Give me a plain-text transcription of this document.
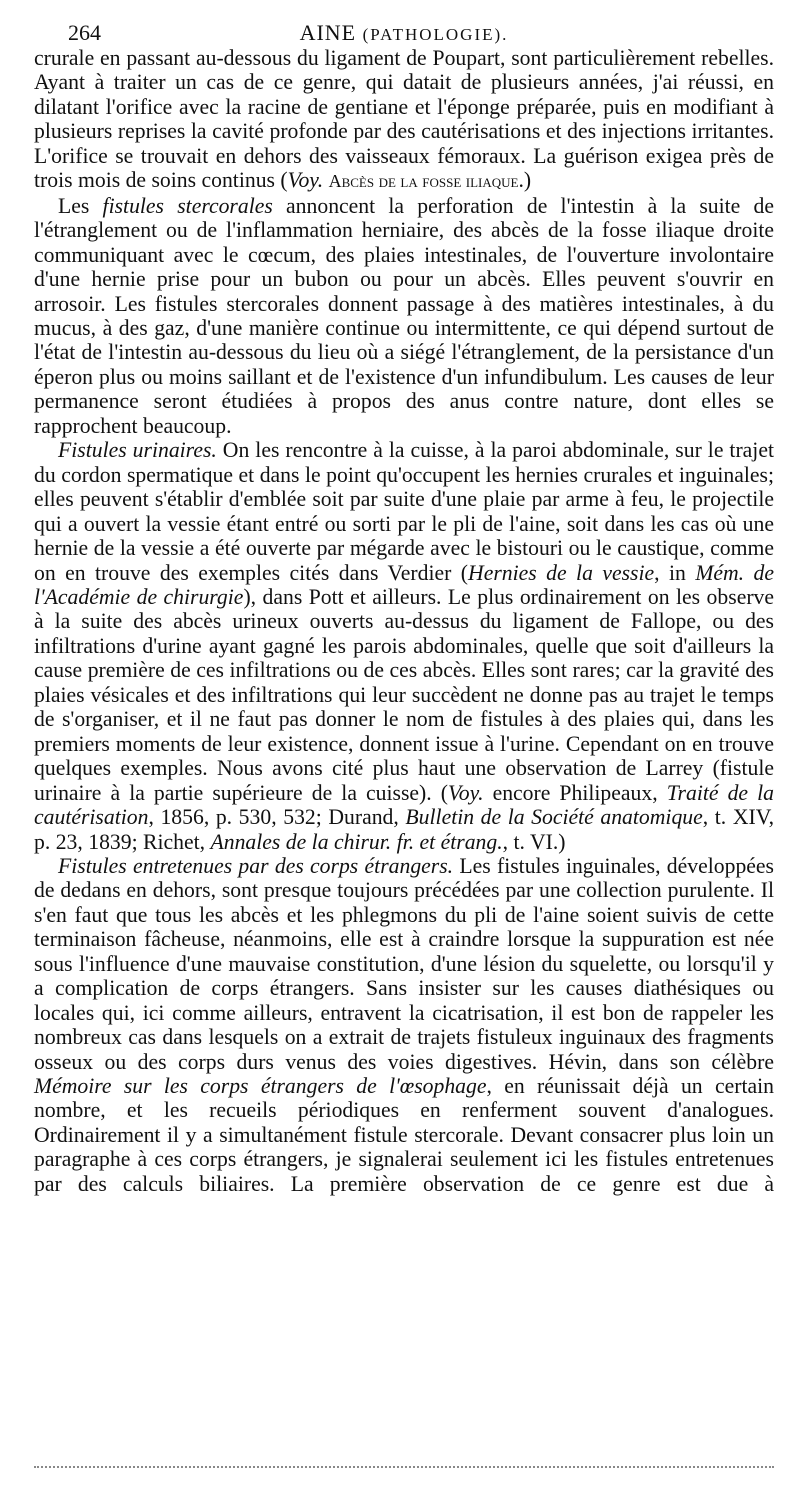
264	AINE (PATHOLOGIE).

crurale en passant au-dessous du ligament de Poupart, sont particulièrement rebelles. Ayant à traiter un cas de ce genre, qui datait de plusieurs années, j'ai réussi, en dilatant l'orifice avec la racine de gentiane et l'éponge préparée, puis en modifiant à plusieurs reprises la cavité profonde par des cautérisations et des injections irritantes. L'orifice se trouvait en dehors des vaisseaux fémoraux. La guérison exigea près de trois mois de soins continus (Voy. Abcès de la fosse iliaque.)

Les fistules stercorales annoncent la perforation de l'intestin à la suite de l'étranglement ou de l'inflammation herniaire, des abcès de la fosse iliaque droite communiquant avec le cœcum, des plaies intestinales, de l'ouverture involontaire d'une hernie prise pour un bubon ou pour un abcès. Elles peuvent s'ouvrir en arrosoir. Les fistules stercorales donnent passage à des matières intestinales, à du mucus, à des gaz, d'une manière continue ou intermittente, ce qui dépend surtout de l'état de l'intestin au-dessous du lieu où a siégé l'étranglement, de la persistance d'un éperon plus ou moins saillant et de l'existence d'un infundibulum. Les causes de leur permanence seront étudiées à propos des anus contre nature, dont elles se rapprochent beaucoup.

Fistules urinaires. On les rencontre à la cuisse, à la paroi abdominale, sur le trajet du cordon spermatique et dans le point qu'occupent les hernies crurales et inguinales; elles peuvent s'établir d'emblée soit par suite d'une plaie par arme à feu, le projectile qui a ouvert la vessie étant entré ou sorti par le pli de l'aine, soit dans les cas où une hernie de la vessie a été ouverte par mégarde avec le bistouri ou le caustique, comme on en trouve des exemples cités dans Verdier (Hernies de la vessie, in Mém. de l'Académie de chirurgie), dans Pott et ailleurs. Le plus ordinairement on les observe à la suite des abcès urineux ouverts au-dessus du ligament de Fallope, ou des infiltrations d'urine ayant gagné les parois abdominales, quelle que soit d'ailleurs la cause première de ces infiltrations ou de ces abcès. Elles sont rares; car la gravité des plaies vésicales et des infiltrations qui leur succèdent ne donne pas au trajet le temps de s'organiser, et il ne faut pas donner le nom de fistules à des plaies qui, dans les premiers moments de leur existence, donnent issue à l'urine. Cependant on en trouve quelques exemples. Nous avons cité plus haut une observation de Larrey (fistule urinaire à la partie supérieure de la cuisse). (Voy. encore Philipeaux, Traité de la cautérisation, 1856, p. 530, 532; Durand, Bulletin de la Société anatomique, t. XIV, p. 23, 1839; Richet, Annales de la chirur. fr. et étrang., t. VI.)

Fistules entretenues par des corps étrangers. Les fistules inguinales, développées de dedans en dehors, sont presque toujours précédées par une collection purulente. Il s'en faut que tous les abcès et les phlegmons du pli de l'aine soient suivis de cette terminaison fâcheuse, néanmoins, elle est à craindre lorsque la suppuration est née sous l'influence d'une mauvaise constitution, d'une lésion du squelette, ou lorsqu'il y a complication de corps étrangers. Sans insister sur les causes diathésiques ou locales qui, ici comme ailleurs, entravent la cicatrisation, il est bon de rappeler les nombreux cas dans lesquels on a extrait de trajets fistuleux inguinaux des fragments osseux ou des corps durs venus des voies digestives. Hévin, dans son célèbre Mémoire sur les corps étrangers de l'œsophage, en réunissait déjà un certain nombre, et les recueils périodiques en renferment souvent d'analogues. Ordinairement il y a simultanément fistule stercorale. Devant consacrer plus loin un paragraphe à ces corps étrangers, je signalerai seulement ici les fistules entretenues par des calculs biliaires. La première observation de ce genre est due à
